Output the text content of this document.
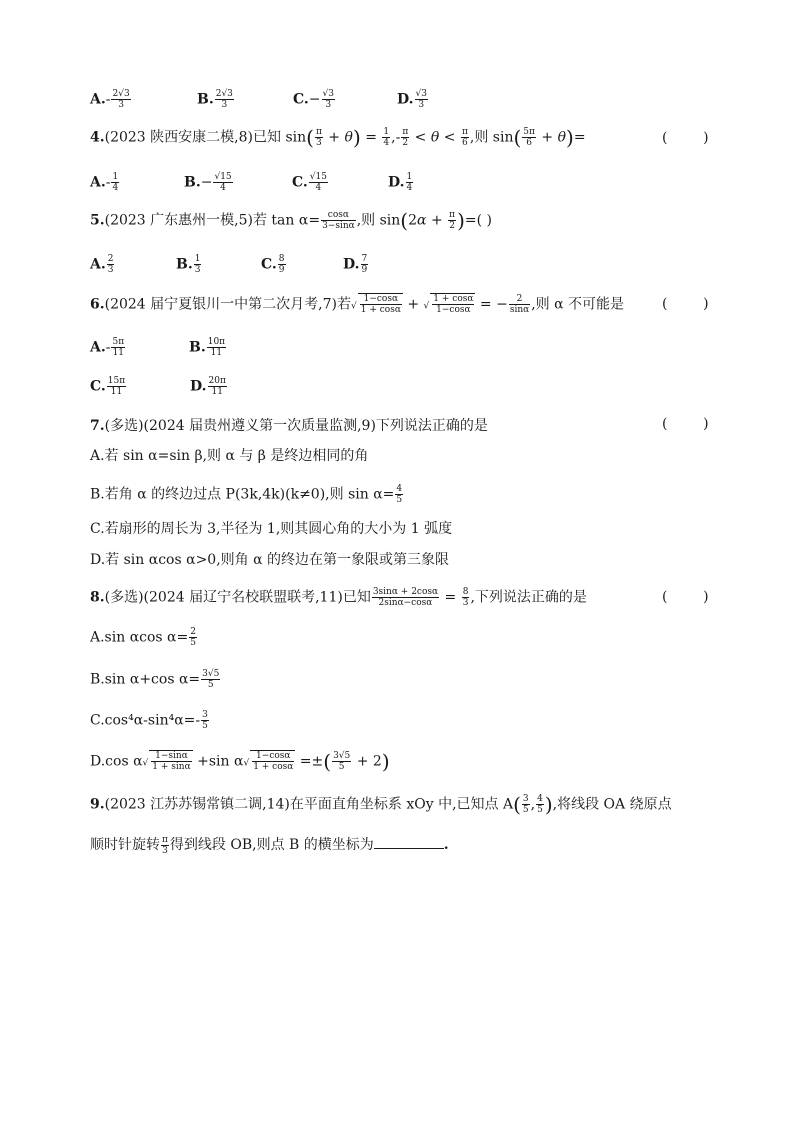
$A.- \frac{2√3}{3}$	B. $\frac{2√3}{3}$	$C.- \frac{√3}{3}$	D. $\frac{√3}{3}$
4.(2023 陕西安康二模,8)已知 $\sin( \frac{\pi}{3} + \theta) = \frac{1}{4}$ ,- $\frac{\pi}{2} < \theta < \frac{\pi}{6}$ ,则 $\sin( \frac{5\pi}{6} + \theta)=$	(        )
$A.- \frac{1}{4}$	$B.- \frac{√15}{4}$	C. $\frac{√15}{4}$	D. $\frac{1}{4}$
5.(2023 广东惠州一模,5)若 $\tan \alpha= \frac{\cos\alpha}{3-\sin\alpha}$ ,则 $\sin(2\alpha + \frac{\pi}{2}$ )=( )
A. $\frac{2}{3}$	B. $\frac{1}{3}$	C. $\frac{8}{9}$	D. $\frac{7}{9}$
6.(2024 届宁夏银川一中第二次月考,7)若√ $\frac{1-\cos\alpha}{1 + \cos\alpha}$ + √ $\frac{1 + \cos\alpha}{1-\cos\alpha}$ = − $\frac{2}{\sin\alpha}$ ,则 α 不可能是	(        )
$A.- \frac{5\pi}{11}$	B. $\frac{10\pi}{11}$
C. $\frac{15\pi}{11}$	D. $\frac{20\pi}{11}$
7.(多选)(2024 届贵州遵义第一次质量监测,9)下列说法正确的是	(        )
A.若 sin α=sin β,则 α 与 β 是终边相同的角
B.若角 α 的终边过点 P(3k,4k)(k≠0),则 $\sin \alpha= \frac{4}{5}$
C.若扇形的周长为 3,半径为 1,则其圆心角的大小为 1 弧度
D.若 sin αcos α>0,则角 α 的终边在第一象限或第三象限
8.(多选)(2024 届辽宁名校联盟联考,11)已知 $\frac{3\sin\alpha + 2\cos\alpha}{2\sin\alpha-\cos\alpha} = \frac{8}{3}$ ,下列说法正确的是	(        )
A.sin αcos $\alpha= \frac{2}{5}$
B.sin α+cos $\alpha= \frac{3√5}{5}$
$C.\cos^4\alpha-\sin^4\alpha=- \frac{3}{5}$
D.cos $\alpha√ \frac{1-\sin\alpha}{1 + \sin\alpha} +\sin$ $\alpha√ \frac{1-\cos\alpha}{1 + \cos\alpha}$ =±( $\frac{3√5}{5} + 2$)
9.(2023 江苏苏锡常镇二调,14)在平面直角坐标系 xOy 中,已知点 $A( \frac{3}{5}$ , $\frac{4}{5}$ ),将线段 OA 绕原点
顺时针旋转 $\frac{\pi}{3}$ 得到线段 OB,则点 B 的横坐标为	.
